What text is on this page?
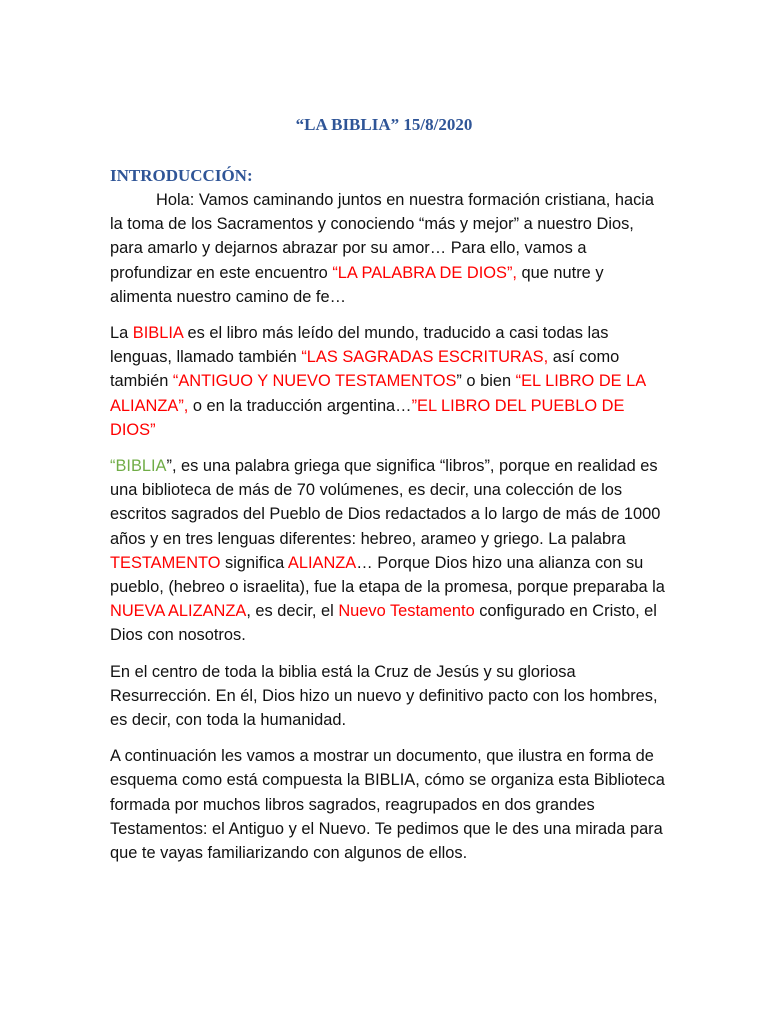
“LA BIBLIA” 15/8/2020
INTRODUCCIÓN:

Hola: Vamos caminando juntos en nuestra formación cristiana, hacia la toma de los Sacramentos y conociendo “más y mejor” a nuestro Dios, para amarlo y dejarnos abrazar por su amor… Para ello, vamos a profundizar en este encuentro “LA PALABRA DE DIOS”, que nutre y alimenta nuestro camino de fe…

La BIBLIA es el libro más leído del mundo, traducido a casi todas las lenguas, llamado también “LAS SAGRADAS ESCRITURAS, así como también “ANTIGUO Y NUEVO TESTAMENTOS” o bien “EL LIBRO DE LA ALIANZA”, o en la traducción argentina…”EL LIBRO DEL PUEBLO DE DIOS”

“BIBLIA”, es una palabra griega que significa “libros”, porque en realidad es una biblioteca de más de 70 volúmenes, es decir, una colección de los escritos sagrados del Pueblo de Dios redactados a lo largo de más de 1000 años y en tres lenguas diferentes: hebreo, arameo y griego. La palabra TESTAMENTO significa ALIANZA… Porque Dios hizo una alianza con su pueblo, (hebreo o israelita), fue la etapa de la promesa, porque preparaba la NUEVA ALIZANZA, es decir, el Nuevo Testamento configurado en Cristo, el Dios con nosotros.

En el centro de toda la biblia está la Cruz de Jesús y su gloriosa Resurrección. En él, Dios hizo un nuevo y definitivo pacto con los hombres, es decir, con toda la humanidad.

A continuación les vamos a mostrar un documento, que ilustra en forma de esquema como está compuesta la BIBLIA, cómo se organiza esta Biblioteca formada por muchos libros sagrados, reagrupados en dos grandes Testamentos: el Antiguo y el Nuevo. Te pedimos que le des una mirada para que te vayas familiarizando con algunos de ellos.
